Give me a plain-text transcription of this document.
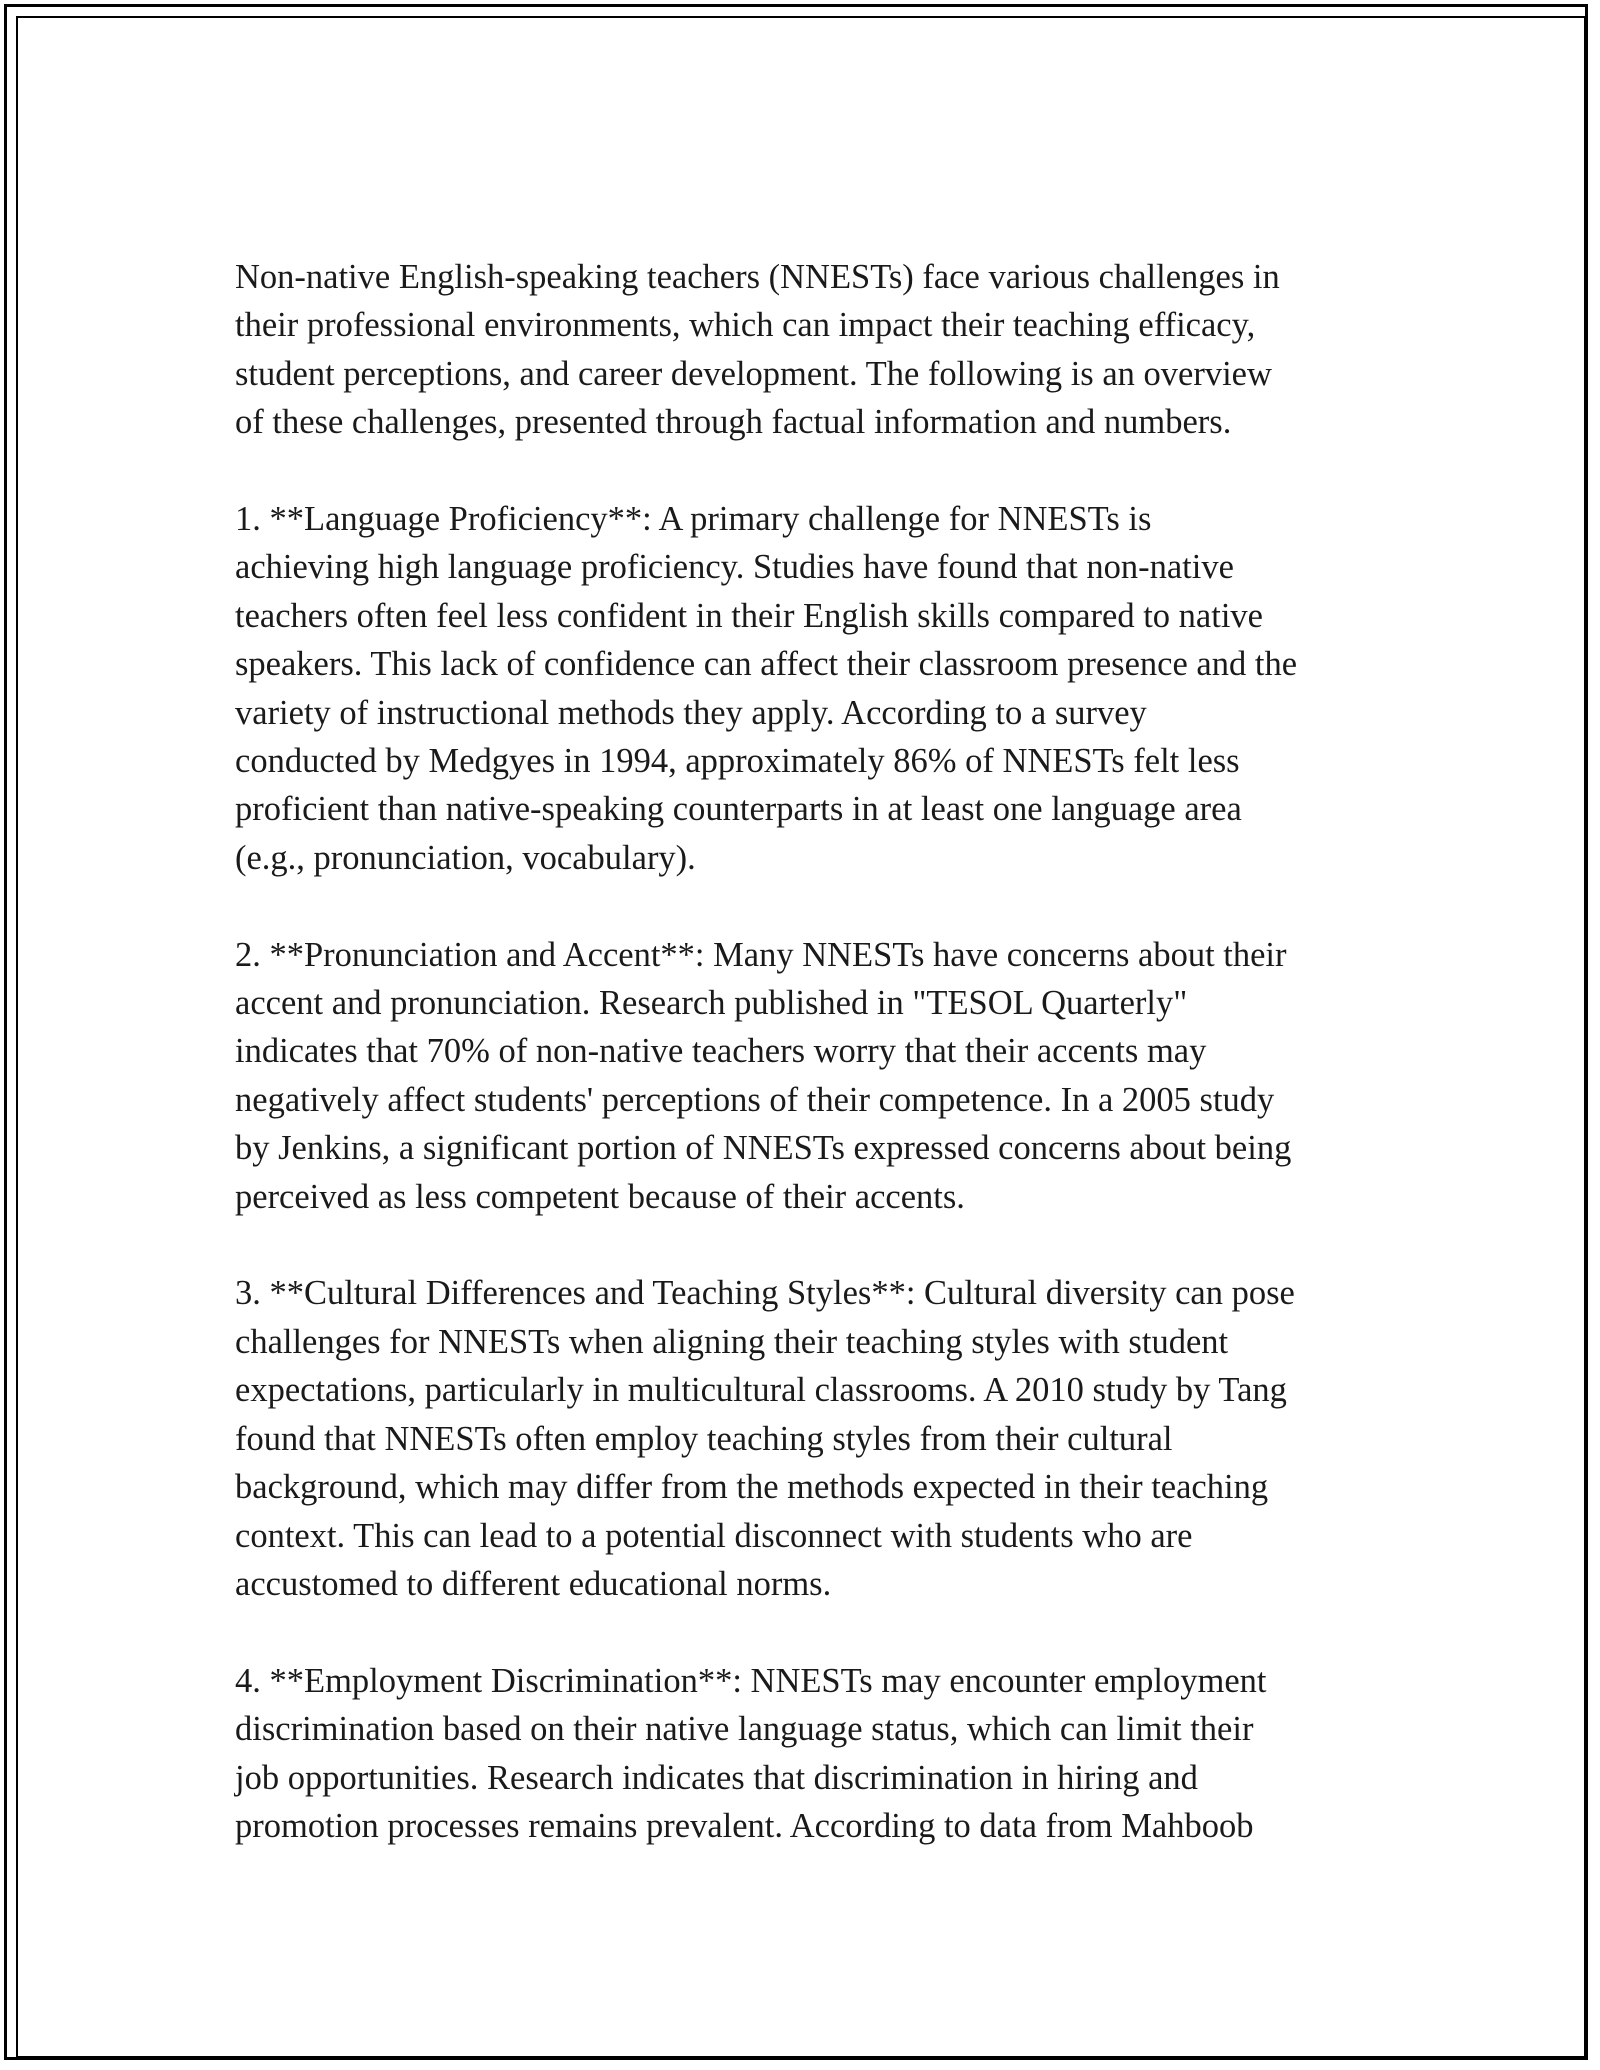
Non-native English-speaking teachers (NNESTs) face various challenges in
their professional environments, which can impact their teaching efficacy,
student perceptions, and career development. The following is an overview
of these challenges, presented through factual information and numbers.

1. **Language Proficiency**: A primary challenge for NNESTs is
achieving high language proficiency. Studies have found that non-native
teachers often feel less confident in their English skills compared to native
speakers. This lack of confidence can affect their classroom presence and the
variety of instructional methods they apply. According to a survey
conducted by Medgyes in 1994, approximately 86% of NNESTs felt less
proficient than native-speaking counterparts in at least one language area
(e.g., pronunciation, vocabulary).

2. **Pronunciation and Accent**: Many NNESTs have concerns about their
accent and pronunciation. Research published in "TESOL Quarterly"
indicates that 70% of non-native teachers worry that their accents may
negatively affect students' perceptions of their competence. In a 2005 study
by Jenkins, a significant portion of NNESTs expressed concerns about being
perceived as less competent because of their accents.

3. **Cultural Differences and Teaching Styles**: Cultural diversity can pose
challenges for NNESTs when aligning their teaching styles with student
expectations, particularly in multicultural classrooms. A 2010 study by Tang
found that NNESTs often employ teaching styles from their cultural
background, which may differ from the methods expected in their teaching
context. This can lead to a potential disconnect with students who are
accustomed to different educational norms.

4. **Employment Discrimination**: NNESTs may encounter employment
discrimination based on their native language status, which can limit their
job opportunities. Research indicates that discrimination in hiring and
promotion processes remains prevalent. According to data from Mahboob
